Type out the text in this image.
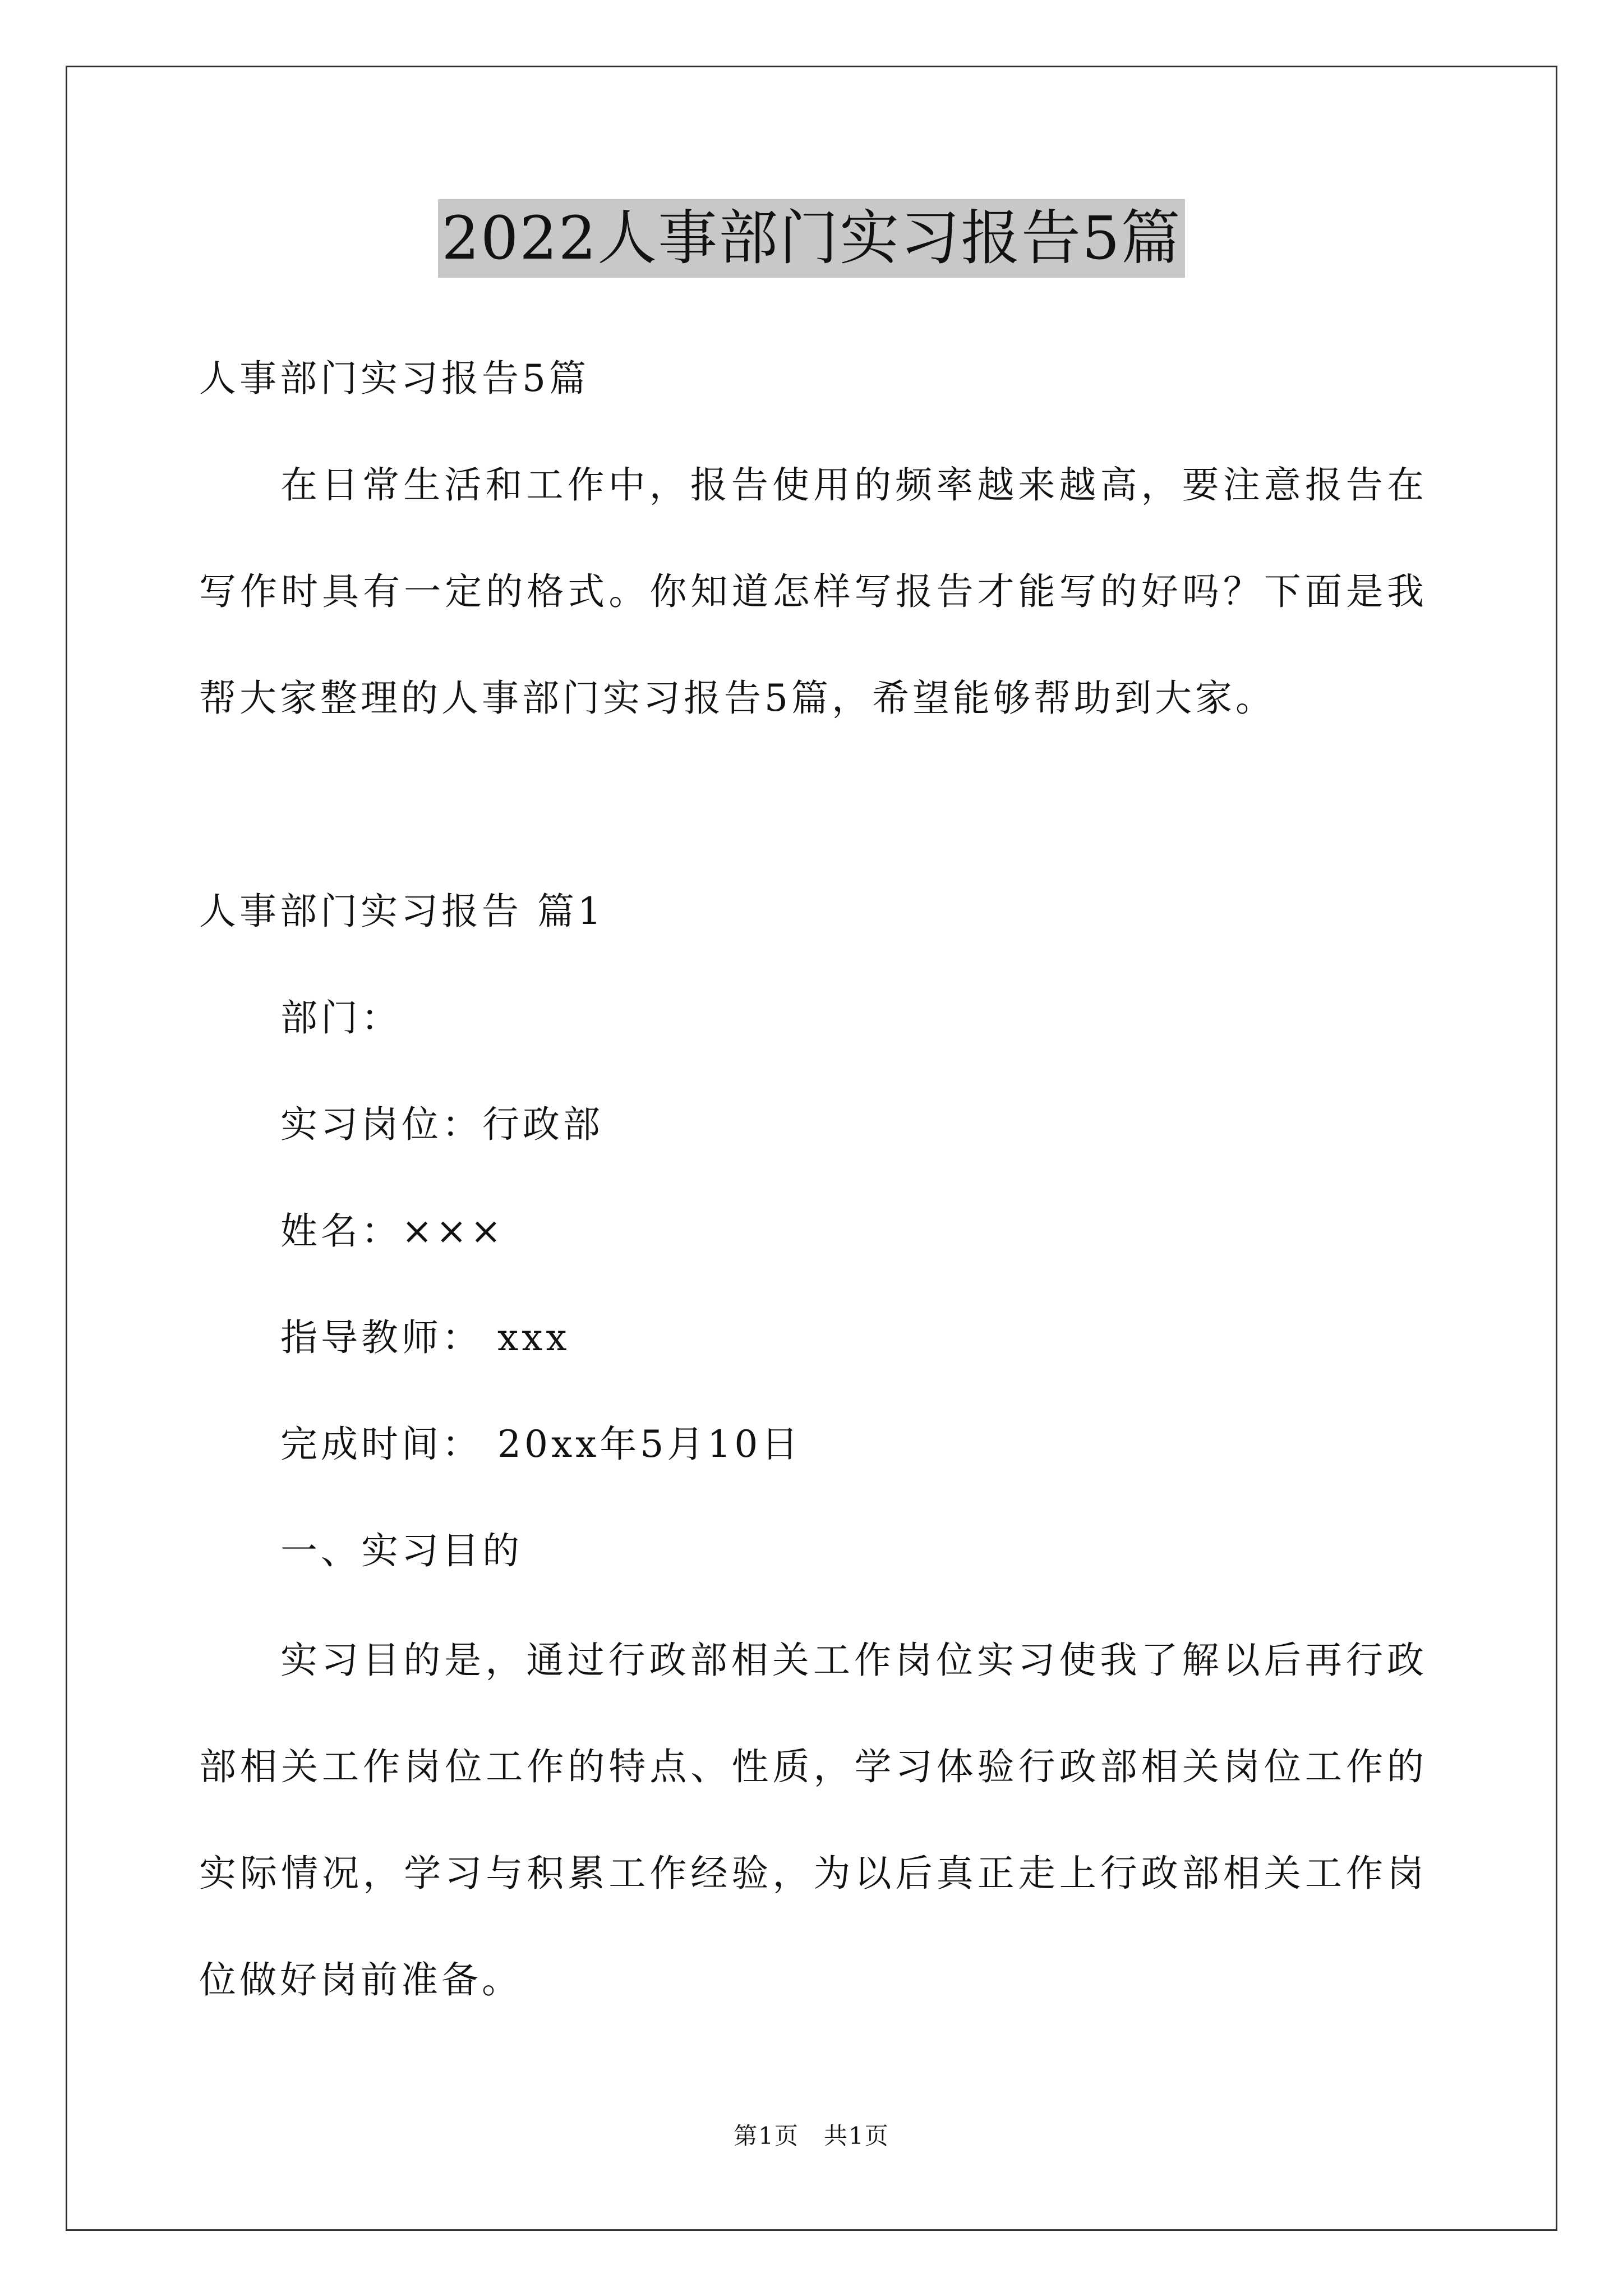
2022人事部门实习报告5篇
人事部门实习报告5篇
在日常生活和工作中，报告使用的频率越来越高，要注意报告在写作时具有一定的格式。你知道怎样写报告才能写的好吗？下面是我帮大家整理的人事部门实习报告5篇，希望能够帮助到大家。
人事部门实习报告 篇1
部门：
实习岗位：行政部
姓名：×××
指导教师： xxx
完成时间： 20xx年5月10日
一、实习目的
实习目的是，通过行政部相关工作岗位实习使我了解以后再行政部相关工作岗位工作的特点、性质，学习体验行政部相关岗位工作的实际情况，学习与积累工作经验，为以后真正走上行政部相关工作岗位做好岗前准备。
第1页　共1页
